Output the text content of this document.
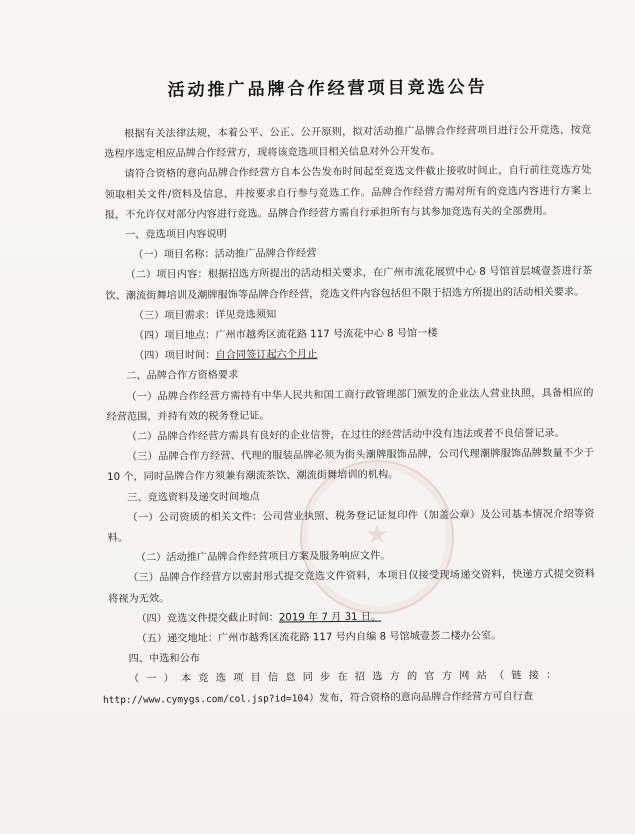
★
活动推广品牌合作经营项目竞选公告

根据有关法律法规，本着公平、公正、公开原则，拟对活动推广品牌合作经营项目进行公开竞选，按竞选程序选定相应品牌合作经营方，现将该竞选项目相关信息对外公开发布。

请符合资格的意向品牌合作经营方自本公告发布时间起至竞选文件截止接收时间止，自行前往竞选方处领取相关文件/资料及信息，并按要求自行参与竞选工作。品牌合作经营方需对所有的竞选内容进行方案上报，不允许仅对部分内容进行竞选。品牌合作经营方需自行承担所有与其参加竞选有关的全部费用。

一、竞选项目内容说明

（一）项目名称：活动推广品牌合作经营

（二）项目内容：根据招选方所提出的活动相关要求，在广州市流花展贸中心 8 号馆首层城壹荟进行茶饮、潮流街舞培训及潮牌服饰等品牌合作经营，竞选文件内容包括但不限于招选方所提出的活动相关要求。

（三）项目需求：详见竞选须知

（四）项目地点：广州市越秀区流花路 117 号流花中心 8 号馆一楼

（四）项目时间：自合同签订起六个月止

二、品牌合作方资格要求

（一）品牌合作经营方需持有中华人民共和国工商行政管理部门颁发的企业法人营业执照，具备相应的经营范围，并持有效的税务登记证。

（二）品牌合作经营方需具有良好的企业信誉，在过往的经营活动中没有违法或者不良信誉记录。

（三）品牌合作方经营、代理的服装品牌必须为街头潮牌服饰品牌，公司代理潮牌服饰品牌数量不少于 10 个，同时品牌合作方须兼有潮流茶饮、潮流街舞培训的机构。

三、竞选资料及递交时间地点

（一）公司资质的相关文件：公司营业执照、税务登记证复印件（加盖公章）及公司基本情况介绍等资料。

（二）活动推广品牌合作经营项目方案及服务响应文件。

（三）品牌合作经营方以密封形式提交竞选文件资料，本项目仅接受现场递交资料，快递方式提交资料将视为无效。

（四）竞选文件提交截止时间：2019 年 7 月 31 日。

（五）递交地址：广州市越秀区流花路 117 号内自编 8 号馆城壹荟二楼办公室。

四、中选和公布

（一）本竞选项目信息同步在招选方的官方网站（链接：

http://www.cymygs.com/col.jsp?id=104）发布，符合资格的意向品牌合作经营方可自行查
